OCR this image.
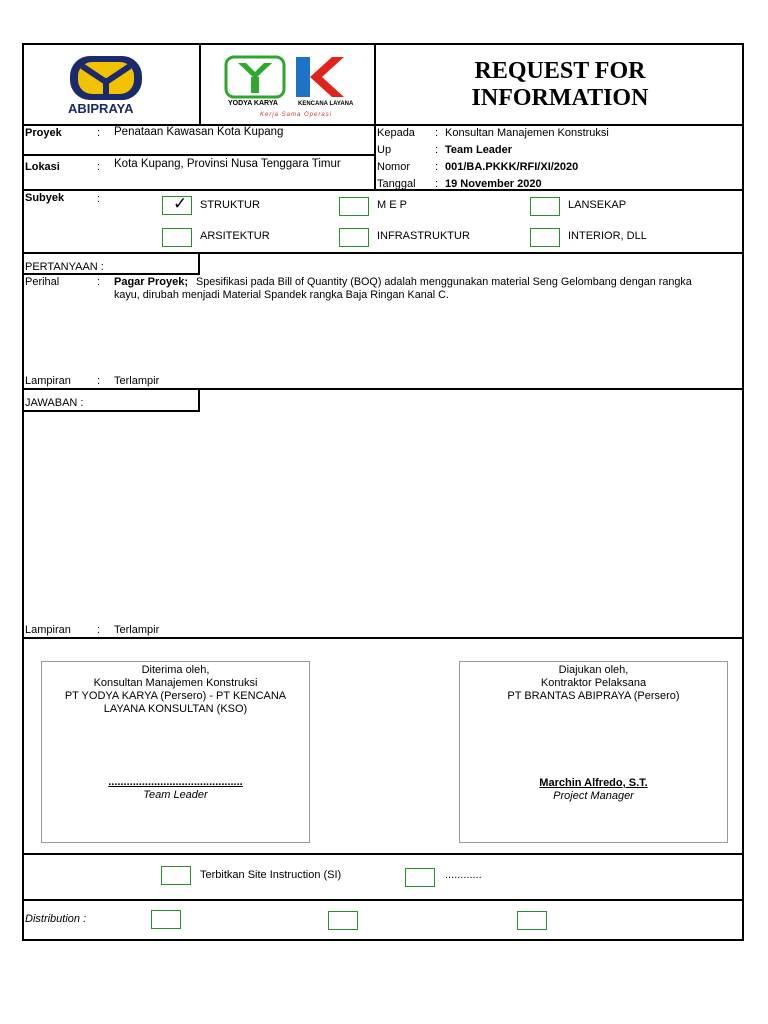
ABIPRAYA	YODYA KARYA	KENCANA LAYANA
Kerja Sama Operasi
REQUEST FOR
INFORMATION
Proyek	: Penataan Kawasan Kota Kupang
Lokasi	: Kota Kupang, Provinsi Nusa Tenggara Timur
Kepada : Konsultan Manajemen Konstruksi
Up	: Team Leader
Nomor : 001/BA.PKKK/RFI/XI/2020
Tanggal : 19 November 2020
Subyek	:	✓ STRUKTUR	M E P	LANSEKAP
ARSITEKTUR	INFRASTRUKTUR	INTERIOR, DLL
PERTANYAAN :
Perihal	: Pagar Proyek; Spesifikasi pada Bill of Quantity (BOQ) adalah menggunakan material Seng Gelombang dengan rangka
kayu, dirubah menjadi Material Spandek rangka Baja Ringan Kanal C.
Lampiran : Terlampir
JAWABAN :
Lampiran : Terlampir
Diterima oleh,
Konsultan Manajemen Konstruksi
PT YODYA KARYA (Persero) - PT KENCANA
LAYANA KONSULTAN (KSO)
............................................
Team Leader
Diajukan oleh,
Kontraktor Pelaksana
PT BRANTAS ABIPRAYA (Persero)
Marchin Alfredo, S.T.
Project Manager
Terbitkan Site Instruction (SI)	............
Distribution :
